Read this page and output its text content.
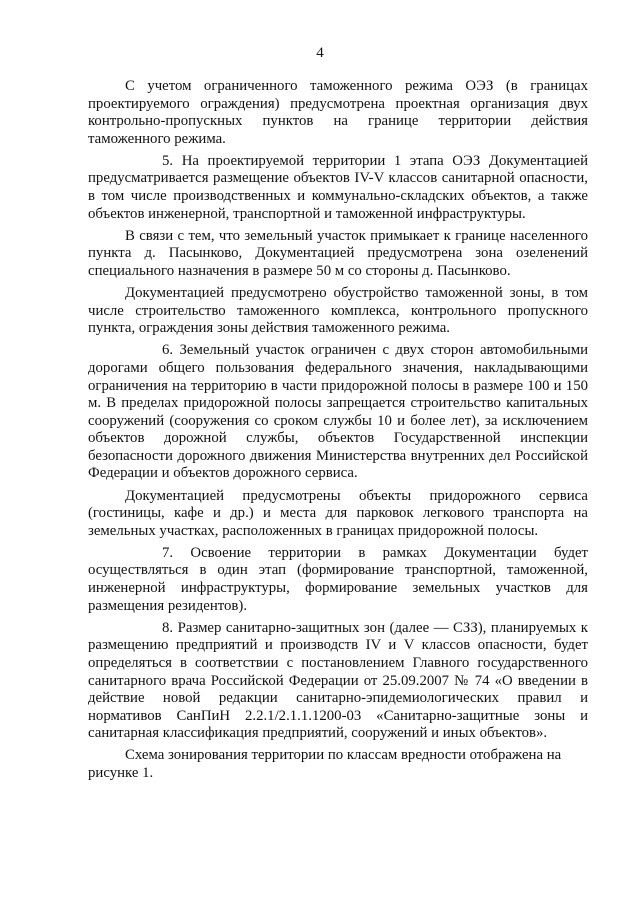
4

С учетом ограниченного таможенного режима ОЭЗ (в границах проектируемого ограждения) предусмотрена проектная организация двух контрольно-пропускных пунктов на границе территории действия таможенного режима.

5. На проектируемой территории 1 этапа ОЭЗ Документацией предусматривается размещение объектов IV-V классов санитарной опасности, в том числе производственных и коммунально-складских объектов, а также объектов инженерной, транспортной и таможенной инфраструктуры.

В связи с тем, что земельный участок примыкает к границе населенного пункта д. Пасынково, Документацией предусмотрена зона озеленений специального назначения в размере 50 м со стороны д. Пасынково.

Документацией предусмотрено обустройство таможенной зоны, в том числе строительство таможенного комплекса, контрольного пропускного пункта, ограждения зоны действия таможенного режима.

6. Земельный участок ограничен с двух сторон автомобильными дорогами общего пользования федерального значения, накладывающими ограничения на территорию в части придорожной полосы в размере 100 и 150 м. В пределах придорожной полосы запрещается строительство капитальных сооружений (сооружения со сроком службы 10 и более лет), за исключением объектов дорожной службы, объектов Государственной инспекции безопасности дорожного движения Министерства внутренних дел Российской Федерации и объектов дорожного сервиса.

Документацией предусмотрены объекты придорожного сервиса (гостиницы, кафе и др.) и места для парковок легкового транспорта на земельных участках, расположенных в границах придорожной полосы.

7. Освоение территории в рамках Документации будет осуществляться в один этап (формирование транспортной, таможенной, инженерной инфраструктуры, формирование земельных участков для размещения резидентов).

8. Размер санитарно-защитных зон (далее — СЗЗ), планируемых к размещению предприятий и производств IV и V классов опасности, будет определяться в соответствии с постановлением Главного государственного санитарного врача Российской Федерации от 25.09.2007 № 74 «О введении в действие новой редакции санитарно-эпидемиологических правил и нормативов СанПиН 2.2.1/2.1.1.1200-03 «Санитарно-защитные зоны и санитарная классификация предприятий, сооружений и иных объектов».

Схема зонирования территории по классам вредности отображена на рисунке 1.
